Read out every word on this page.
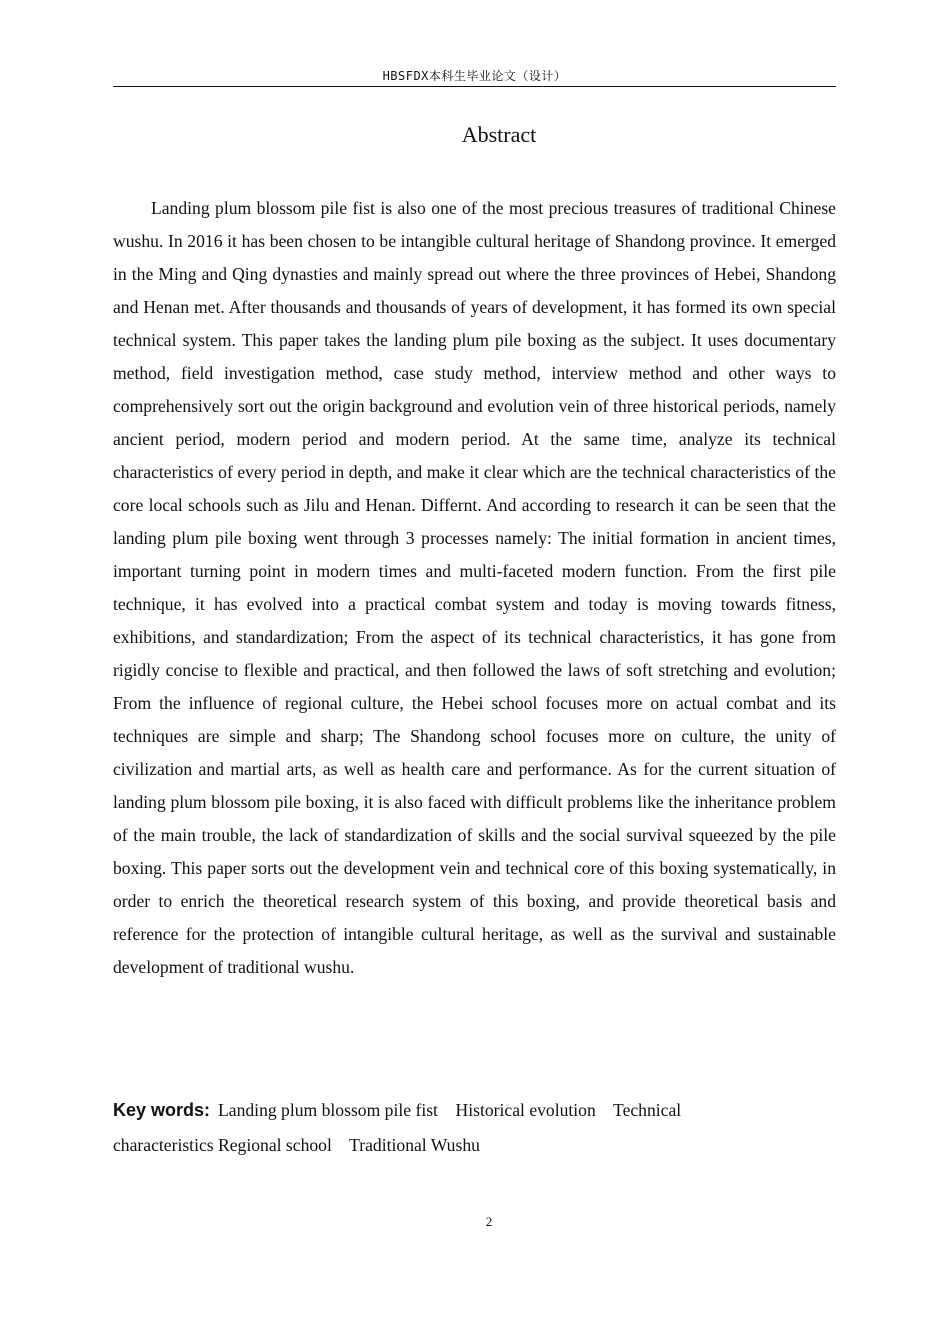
HBSFDX本科生毕业论文（设计）
Abstract

Landing plum blossom pile fist is also one of the most precious treasures of traditional Chinese wushu. In 2016 it has been chosen to be intangible cultural heritage of Shandong province. It emerged in the Ming and Qing dynasties and mainly spread out where the three provinces of Hebei, Shandong and Henan met. After thousands and thousands of years of development, it has formed its own special technical system. This paper takes the landing plum pile boxing as the subject. It uses documentary method, field investigation method, case study method, interview method and other ways to comprehensively sort out the origin background and evolution vein of three historical periods, namely ancient period, modern period and modern period. At the same time, analyze its technical characteristics of every period in depth, and make it clear which are the technical characteristics of the core local schools such as Jilu and Henan. Differnt. And according to research it can be seen that the landing plum pile boxing went through 3 processes namely: The initial formation in ancient times, important turning point in modern times and multi-faceted modern function. From the first pile technique, it has evolved into a practical combat system and today is moving towards fitness, exhibitions, and standardization; From the aspect of its technical characteristics, it has gone from rigidly concise to flexible and practical, and then followed the laws of soft stretching and evolution; From the influence of regional culture, the Hebei school focuses more on actual combat and its techniques are simple and sharp; The Shandong school focuses more on culture, the unity of civilization and martial arts, as well as health care and performance. As for the current situation of landing plum blossom pile boxing, it is also faced with difficult problems like the inheritance problem of the main trouble, the lack of standardization of skills and the social survival squeezed by the pile boxing. This paper sorts out the development vein and technical core of this boxing systematically, in order to enrich the theoretical research system of this boxing, and provide theoretical basis and reference for the protection of intangible cultural heritage, as well as the survival and sustainable development of traditional wushu.

Key words: Landing plum blossom pile fist    Historical evolution    Technical  characteristics Regional school    Traditional Wushu
2
